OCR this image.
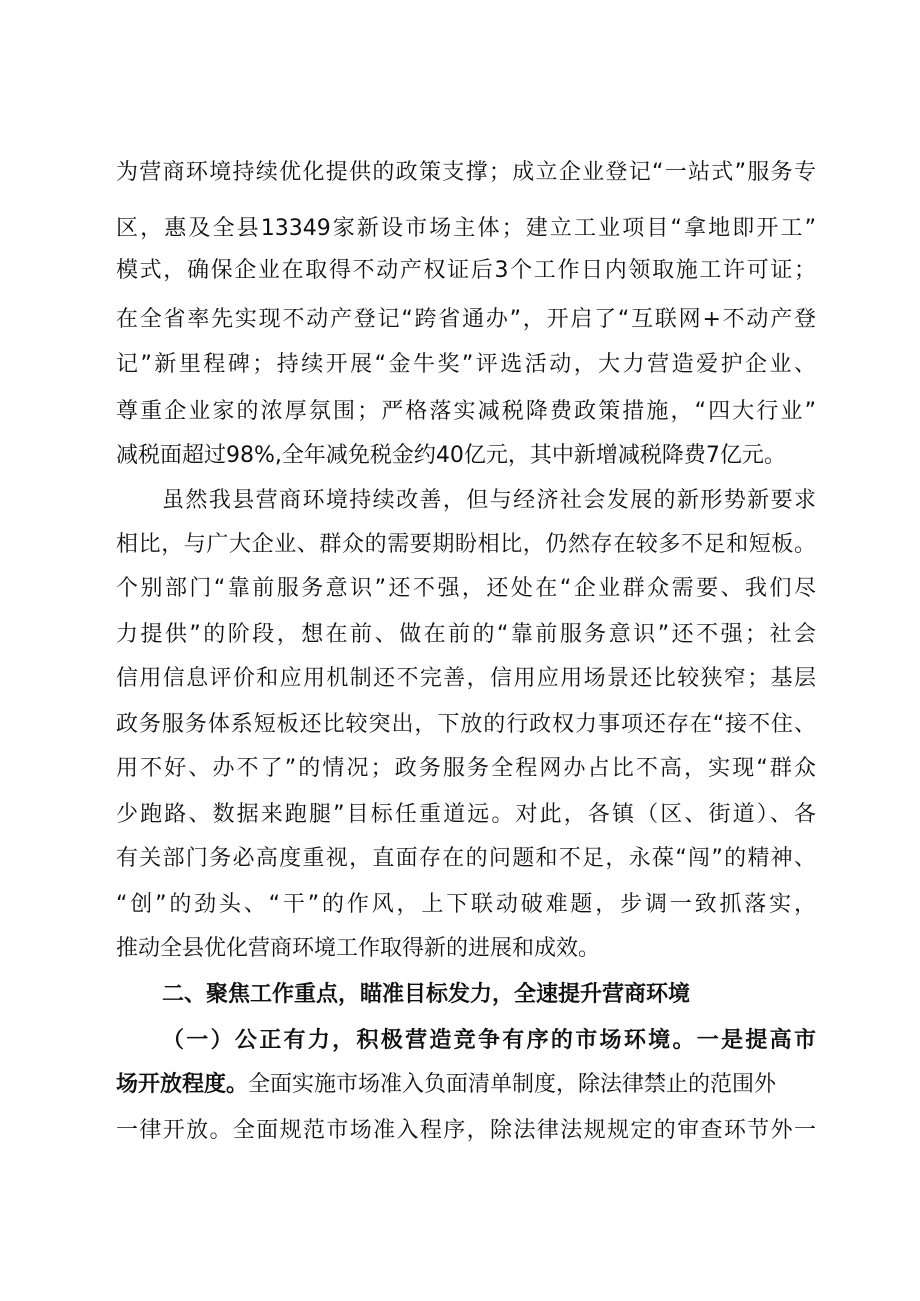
为营商环境持续优化提供的政策支撑；成立企业登记“一站式”服务专
区，惠及全县13349家新设市场主体；建立工业项目“拿地即开工”
模式，确保企业在取得不动产权证后3个工作日内领取施工许可证；
在全省率先实现不动产登记“跨省通办”，开启了“互联网+不动产登
记”新里程碑；持续开展“金牛奖”评选活动，大力营造爱护企业、
尊重企业家的浓厚氛围；严格落实减税降费政策措施，“四大行业”
减税面超过98%,全年减免税金约40亿元，其中新增减税降费7亿元。
虽然我县营商环境持续改善，但与经济社会发展的新形势新要求
相比，与广大企业、群众的需要期盼相比，仍然存在较多不足和短板。
个别部门“靠前服务意识”还不强，还处在“企业群众需要、我们尽
力提供”的阶段，想在前、做在前的“靠前服务意识”还不强；社会
信用信息评价和应用机制还不完善，信用应用场景还比较狭窄；基层
政务服务体系短板还比较突出，下放的行政权力事项还存在“接不住、
用不好、办不了”的情况；政务服务全程网办占比不高，实现“群众
少跑路、数据来跑腿”目标任重道远。对此，各镇（区、街道）、各
有关部门务必高度重视，直面存在的问题和不足，永葆“闯”的精神、
“创”的劲头、“干”的作风，上下联动破难题，步调一致抓落实，
推动全县优化营商环境工作取得新的进展和成效。
二、聚焦工作重点，瞄准目标发力，全速提升营商环境
（一）公正有力，积极营造竞争有序的市场环境。一是提高市
场开放程度。全面实施市场准入负面清单制度，除法律禁止的范围外
一律开放。全面规范市场准入程序，除法律法规规定的审查环节外一
